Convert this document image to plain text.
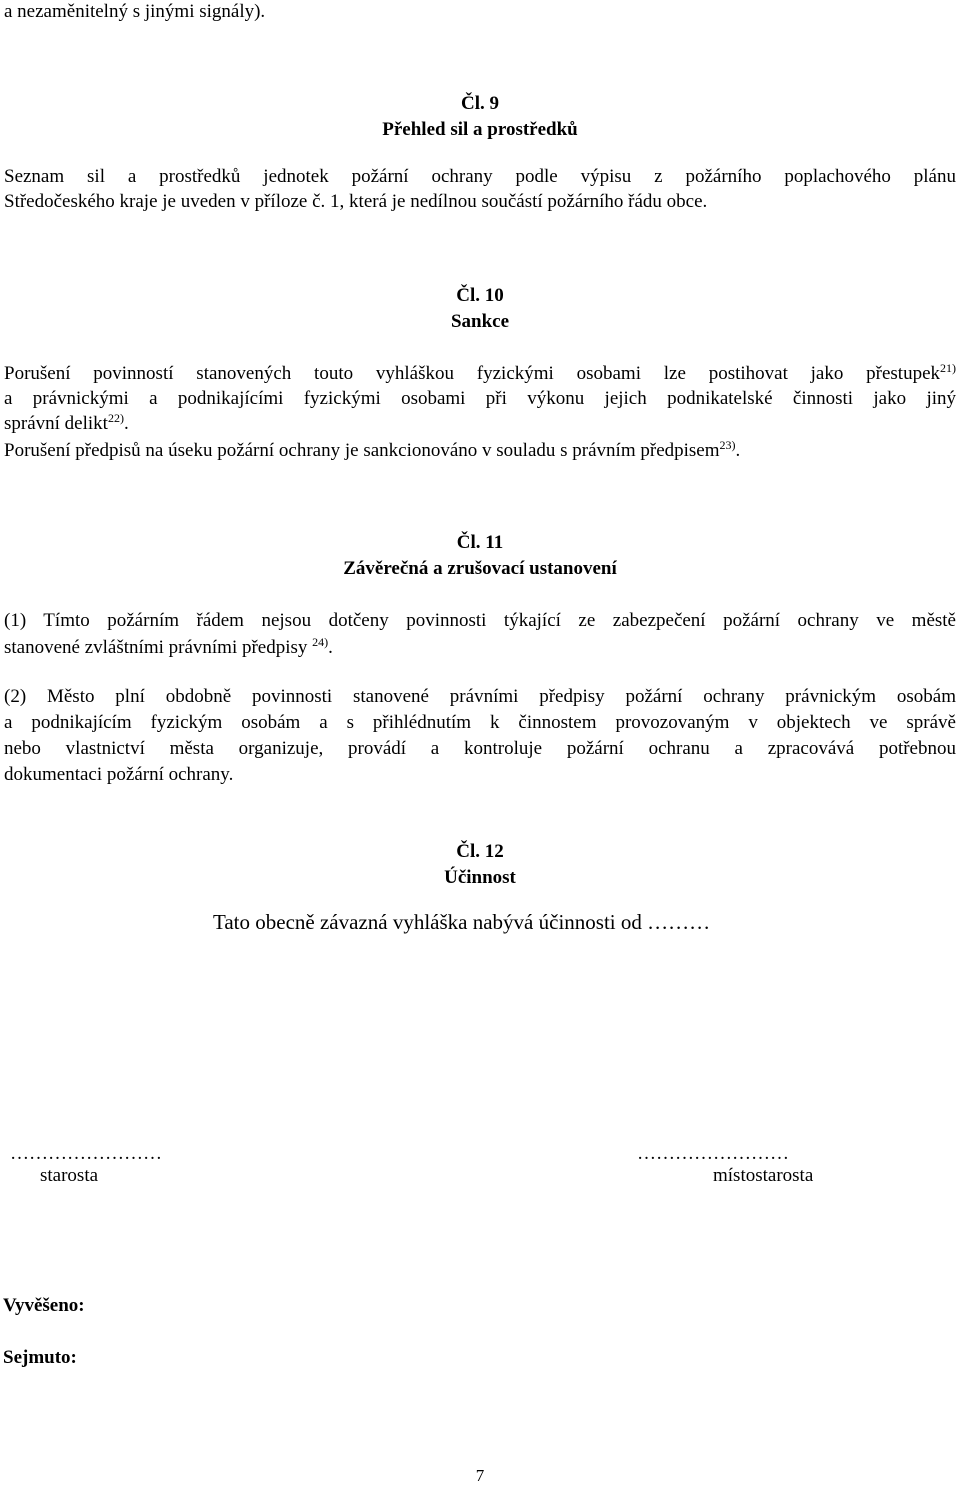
a nezaměnitelný s jinými signály).
Čl. 9
Přehled sil a prostředků
Seznam sil a prostředků jednotek požární ochrany podle výpisu z požárního poplachového plánu
Středočeského kraje je uveden v příloze č. 1, která je nedílnou součástí požárního řádu obce.
Čl. 10
Sankce
Porušení povinností stanovených touto vyhláškou fyzickými osobami lze postihovat jako přestupek$^{21)}$
a právnickými a podnikajícími fyzickými osobami při výkonu jejich podnikatelské činnosti jako jiný
správní delikt$^{22)}$.
Porušení předpisů na úseku požární ochrany je sankcionováno v souladu s právním předpisem$^{23)}$.
Čl. 11
Závěrečná a zrušovací ustanovení
(1) Tímto požárním řádem nejsou dotčeny povinnosti týkající ze zabezpečení požární ochrany ve městě
stanovené zvláštními právními předpisy $^{24)}$.
(2) Město plní obdobně povinnosti stanovené právními předpisy požární ochrany právnickým osobám
a podnikajícím fyzickým osobám a s přihlédnutím k činnostem provozovaným v objektech ve správě
nebo vlastnictví města organizuje, provádí a kontroluje požární ochranu a zpracovává potřebnou
dokumentaci požární ochrany.
Čl. 12
Účinnost
Tato obecně závazná vyhláška nabývá účinnosti od ………
……………………
starosta
……………………
místostarosta
Vyvěšeno:
Sejmuto:
7
